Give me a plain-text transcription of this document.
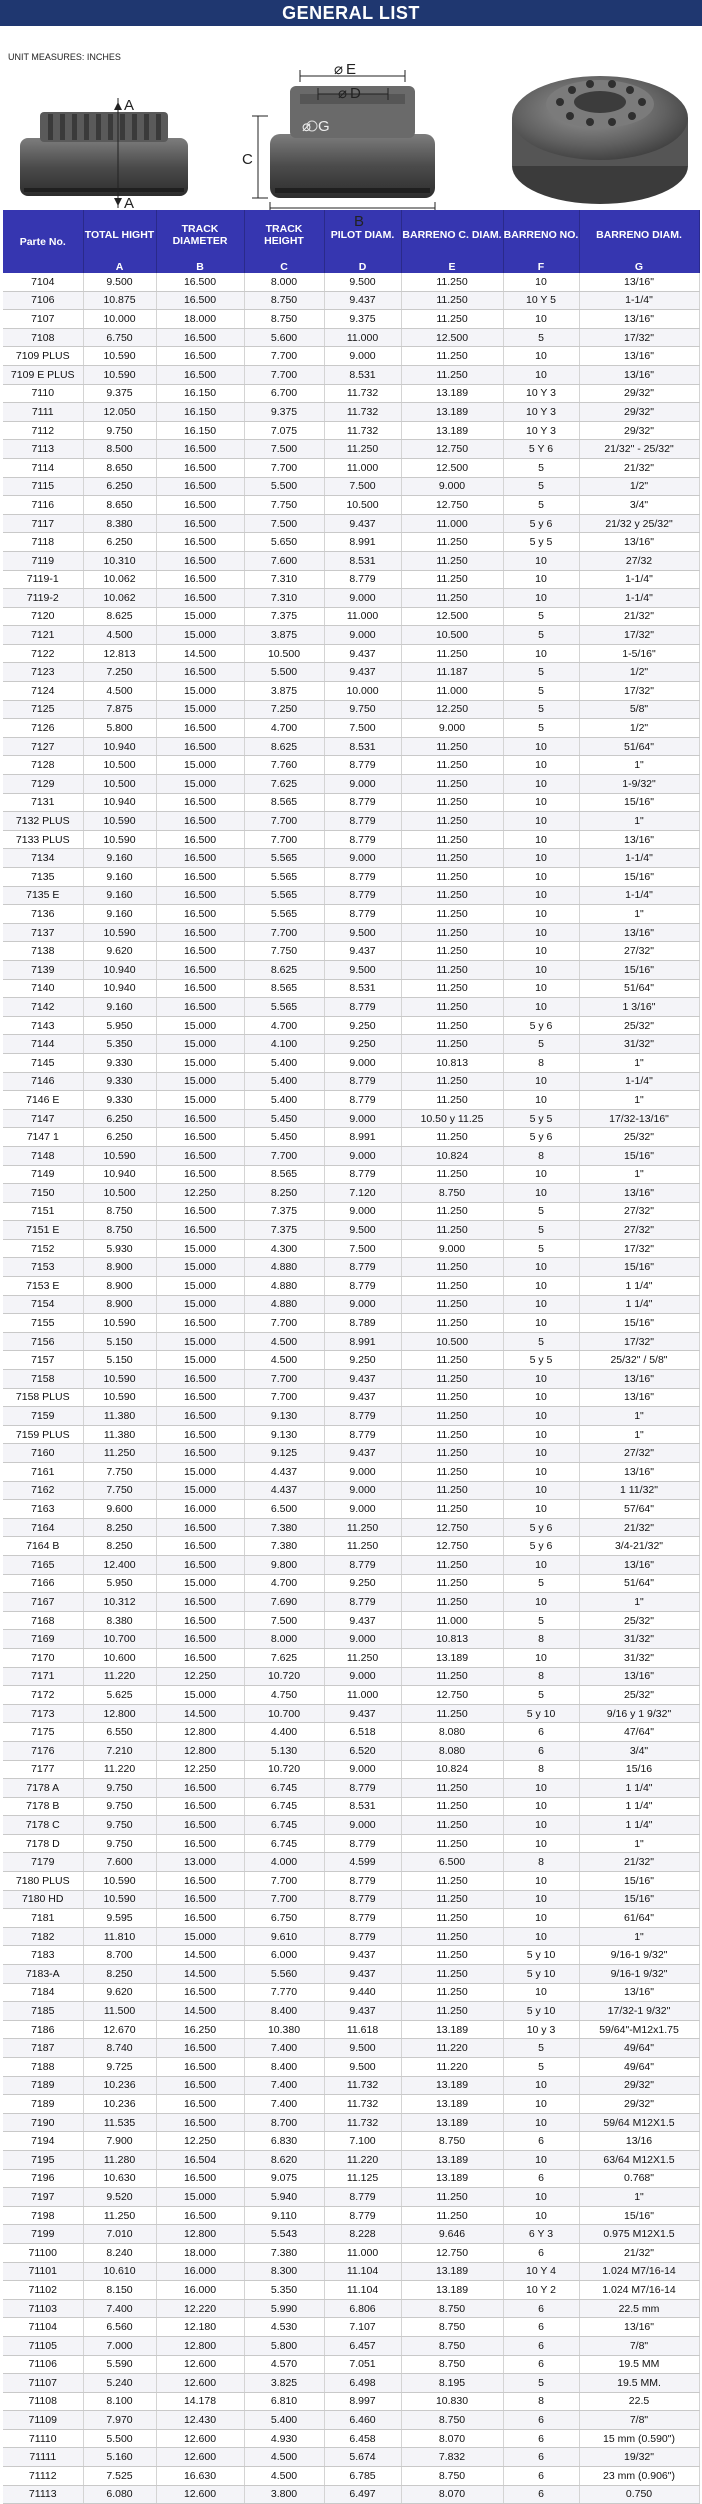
GENERAL LIST
UNIT MEASURES: INCHES
A
A
E
⌀
D
⌀
G
⌀
C
B
Parte No.	TOTAL HIGHT	TRACK DIAMETER	TRACK HEIGHT	PILOT DIAM.	BARRENO C. DIAM.	BARRENO NO.	BARRENO DIAM.
	A	B	C	D	E	F	G
7104	9.500	16.500	8.000	9.500	11.250	10	13/16"
7106	10.875	16.500	8.750	9.437	11.250	10 Y 5	1-1/4"
7107	10.000	18.000	8.750	9.375	11.250	10	13/16"
7108	6.750	16.500	5.600	11.000	12.500	5	17/32"
7109 PLUS	10.590	16.500	7.700	9.000	11.250	10	13/16"
7109 E PLUS	10.590	16.500	7.700	8.531	11.250	10	13/16"
7110	9.375	16.150	6.700	11.732	13.189	10 Y 3	29/32"
7111	12.050	16.150	9.375	11.732	13.189	10 Y 3	29/32"
7112	9.750	16.150	7.075	11.732	13.189	10 Y 3	29/32"
7113	8.500	16.500	7.500	11.250	12.750	5 Y 6	21/32" - 25/32"
7114	8.650	16.500	7.700	11.000	12.500	5	21/32"
7115	6.250	16.500	5.500	7.500	9.000	5	1/2"
7116	8.650	16.500	7.750	10.500	12.750	5	3/4"
7117	8.380	16.500	7.500	9.437	11.000	5 y 6	21/32 y 25/32"
7118	6.250	16.500	5.650	8.991	11.250	5 y 5	13/16"
7119	10.310	16.500	7.600	8.531	11.250	10	27/32
7119-1	10.062	16.500	7.310	8.779	11.250	10	1-1/4"
7119-2	10.062	16.500	7.310	9.000	11.250	10	1-1/4"
7120	8.625	15.000	7.375	11.000	12.500	5	21/32"
7121	4.500	15.000	3.875	9.000	10.500	5	17/32"
7122	12.813	14.500	10.500	9.437	11.250	10	1-5/16"
7123	7.250	16.500	5.500	9.437	11.187	5	1/2"
7124	4.500	15.000	3.875	10.000	11.000	5	17/32"
7125	7.875	15.000	7.250	9.750	12.250	5	5/8"
7126	5.800	16.500	4.700	7.500	9.000	5	1/2"
7127	10.940	16.500	8.625	8.531	11.250	10	51/64"
7128	10.500	15.000	7.760	8.779	11.250	10	1"
7129	10.500	15.000	7.625	9.000	11.250	10	1-9/32"
7131	10.940	16.500	8.565	8.779	11.250	10	15/16"
7132 PLUS	10.590	16.500	7.700	8.779	11.250	10	1"
7133 PLUS	10.590	16.500	7.700	8.779	11.250	10	13/16"
7134	9.160	16.500	5.565	9.000	11.250	10	1-1/4"
7135	9.160	16.500	5.565	8.779	11.250	10	15/16"
7135 E	9.160	16.500	5.565	8.779	11.250	10	1-1/4"
7136	9.160	16.500	5.565	8.779	11.250	10	1"
7137	10.590	16.500	7.700	9.500	11.250	10	13/16"
7138	9.620	16.500	7.750	9.437	11.250	10	27/32"
7139	10.940	16.500	8.625	9.500	11.250	10	15/16"
7140	10.940	16.500	8.565	8.531	11.250	10	51/64"
7142	9.160	16.500	5.565	8.779	11.250	10	1 3/16"
7143	5.950	15.000	4.700	9.250	11.250	5 y 6	25/32"
7144	5.350	15.000	4.100	9.250	11.250	5	31/32"
7145	9.330	15.000	5.400	9.000	10.813	8	1"
7146	9.330	15.000	5.400	8.779	11.250	10	1-1/4"
7146 E	9.330	15.000	5.400	8.779	11.250	10	1"
7147	6.250	16.500	5.450	9.000	10.50 y 11.25	5 y 5	17/32-13/16"
7147 1	6.250	16.500	5.450	8.991	11.250	5 y 6	25/32"
7148	10.590	16.500	7.700	9.000	10.824	8	15/16"
7149	10.940	16.500	8.565	8.779	11.250	10	1"
7150	10.500	12.250	8.250	7.120	8.750	10	13/16"
7151	8.750	16.500	7.375	9.000	11.250	5	27/32"
7151 E	8.750	16.500	7.375	9.500	11.250	5	27/32"
7152	5.930	15.000	4.300	7.500	9.000	5	17/32"
7153	8.900	15.000	4.880	8.779	11.250	10	15/16"
7153 E	8.900	15.000	4.880	8.779	11.250	10	1 1/4"
7154	8.900	15.000	4.880	9.000	11.250	10	1 1/4"
7155	10.590	16.500	7.700	8.789	11.250	10	15/16"
7156	5.150	15.000	4.500	8.991	10.500	5	17/32"
7157	5.150	15.000	4.500	9.250	11.250	5 y 5	25/32" / 5/8"
7158	10.590	16.500	7.700	9.437	11.250	10	13/16"
7158 PLUS	10.590	16.500	7.700	9.437	11.250	10	13/16"
7159	11.380	16.500	9.130	8.779	11.250	10	1"
7159 PLUS	11.380	16.500	9.130	8.779	11.250	10	1"
7160	11.250	16.500	9.125	9.437	11.250	10	27/32"
7161	7.750	15.000	4.437	9.000	11.250	10	13/16"
7162	7.750	15.000	4.437	9.000	11.250	10	1 11/32"
7163	9.600	16.000	6.500	9.000	11.250	10	57/64"
7164	8.250	16.500	7.380	11.250	12.750	5 y 6	21/32"
7164 B	8.250	16.500	7.380	11.250	12.750	5 y 6	3/4-21/32"
7165	12.400	16.500	9.800	8.779	11.250	10	13/16"
7166	5.950	15.000	4.700	9.250	11.250	5	51/64"
7167	10.312	16.500	7.690	8.779	11.250	10	1"
7168	8.380	16.500	7.500	9.437	11.000	5	25/32"
7169	10.700	16.500	8.000	9.000	10.813	8	31/32"
7170	10.600	16.500	7.625	11.250	13.189	10	31/32"
7171	11.220	12.250	10.720	9.000	11.250	8	13/16"
7172	5.625	15.000	4.750	11.000	12.750	5	25/32"
7173	12.800	14.500	10.700	9.437	11.250	5 y 10	9/16 y 1 9/32"
7175	6.550	12.800	4.400	6.518	8.080	6	47/64"
7176	7.210	12.800	5.130	6.520	8.080	6	3/4"
7177	11.220	12.250	10.720	9.000	10.824	8	15/16
7178 A	9.750	16.500	6.745	8.779	11.250	10	1 1/4"
7178 B	9.750	16.500	6.745	8.531	11.250	10	1 1/4"
7178 C	9.750	16.500	6.745	9.000	11.250	10	1 1/4"
7178 D	9.750	16.500	6.745	8.779	11.250	10	1"
7179	7.600	13.000	4.000	4.599	6.500	8	21/32"
7180 PLUS	10.590	16.500	7.700	8.779	11.250	10	15/16"
7180 HD	10.590	16.500	7.700	8.779	11.250	10	15/16"
7181	9.595	16.500	6.750	8.779	11.250	10	61/64"
7182	11.810	15.000	9.610	8.779	11.250	10	1"
7183	8.700	14.500	6.000	9.437	11.250	5 y 10	9/16-1 9/32"
7183-A	8.250	14.500	5.560	9.437	11.250	5 y 10	9/16-1 9/32"
7184	9.620	16.500	7.770	9.440	11.250	10	13/16"
7185	11.500	14.500	8.400	9.437	11.250	5 y 10	17/32-1 9/32"
7186	12.670	16.250	10.380	11.618	13.189	10 y 3	59/64"-M12x1.75
7187	8.740	16.500	7.400	9.500	11.220	5	49/64"
7188	9.725	16.500	8.400	9.500	11.220	5	49/64"
7189	10.236	16.500	7.400	11.732	13.189	10	29/32"
7189	10.236	16.500	7.400	11.732	13.189	10	29/32"
7190	11.535	16.500	8.700	11.732	13.189	10	59/64 M12X1.5
7194	7.900	12.250	6.830	7.100	8.750	6	13/16
7195	11.280	16.504	8.620	11.220	13.189	10	63/64 M12X1.5
7196	10.630	16.500	9.075	11.125	13.189	6	0.768"
7197	9.520	15.000	5.940	8.779	11.250	10	1"
7198	11.250	16.500	9.110	8.779	11.250	10	15/16"
7199	7.010	12.800	5.543	8.228	9.646	6 Y 3	0.975 M12X1.5
71100	8.240	18.000	7.380	11.000	12.750	6	21/32"
71101	10.610	16.000	8.300	11.104	13.189	10 Y 4	1.024 M7/16-14
71102	8.150	16.000	5.350	11.104	13.189	10 Y 2	1.024 M7/16-14
71103	7.400	12.220	5.990	6.806	8.750	6	22.5 mm
71104	6.560	12.180	4.530	7.107	8.750	6	13/16"
71105	7.000	12.800	5.800	6.457	8.750	6	7/8"
71106	5.590	12.600	4.570	7.051	8.750	6	19.5 MM
71107	5.240	12.600	3.825	6.498	8.195	5	19.5 MM.
71108	8.100	14.178	6.810	8.997	10.830	8	22.5
71109	7.970	12.430	5.400	6.460	8.750	6	7/8"
71110	5.500	12.600	4.930	6.458	8.070	6	15 mm (0.590")
71111	5.160	12.600	4.500	5.674	7.832	6	19/32"
71112	7.525	16.630	4.500	6.785	8.750	6	23 mm (0.906")
71113	6.080	12.600	3.800	6.497	8.070	6	0.750
